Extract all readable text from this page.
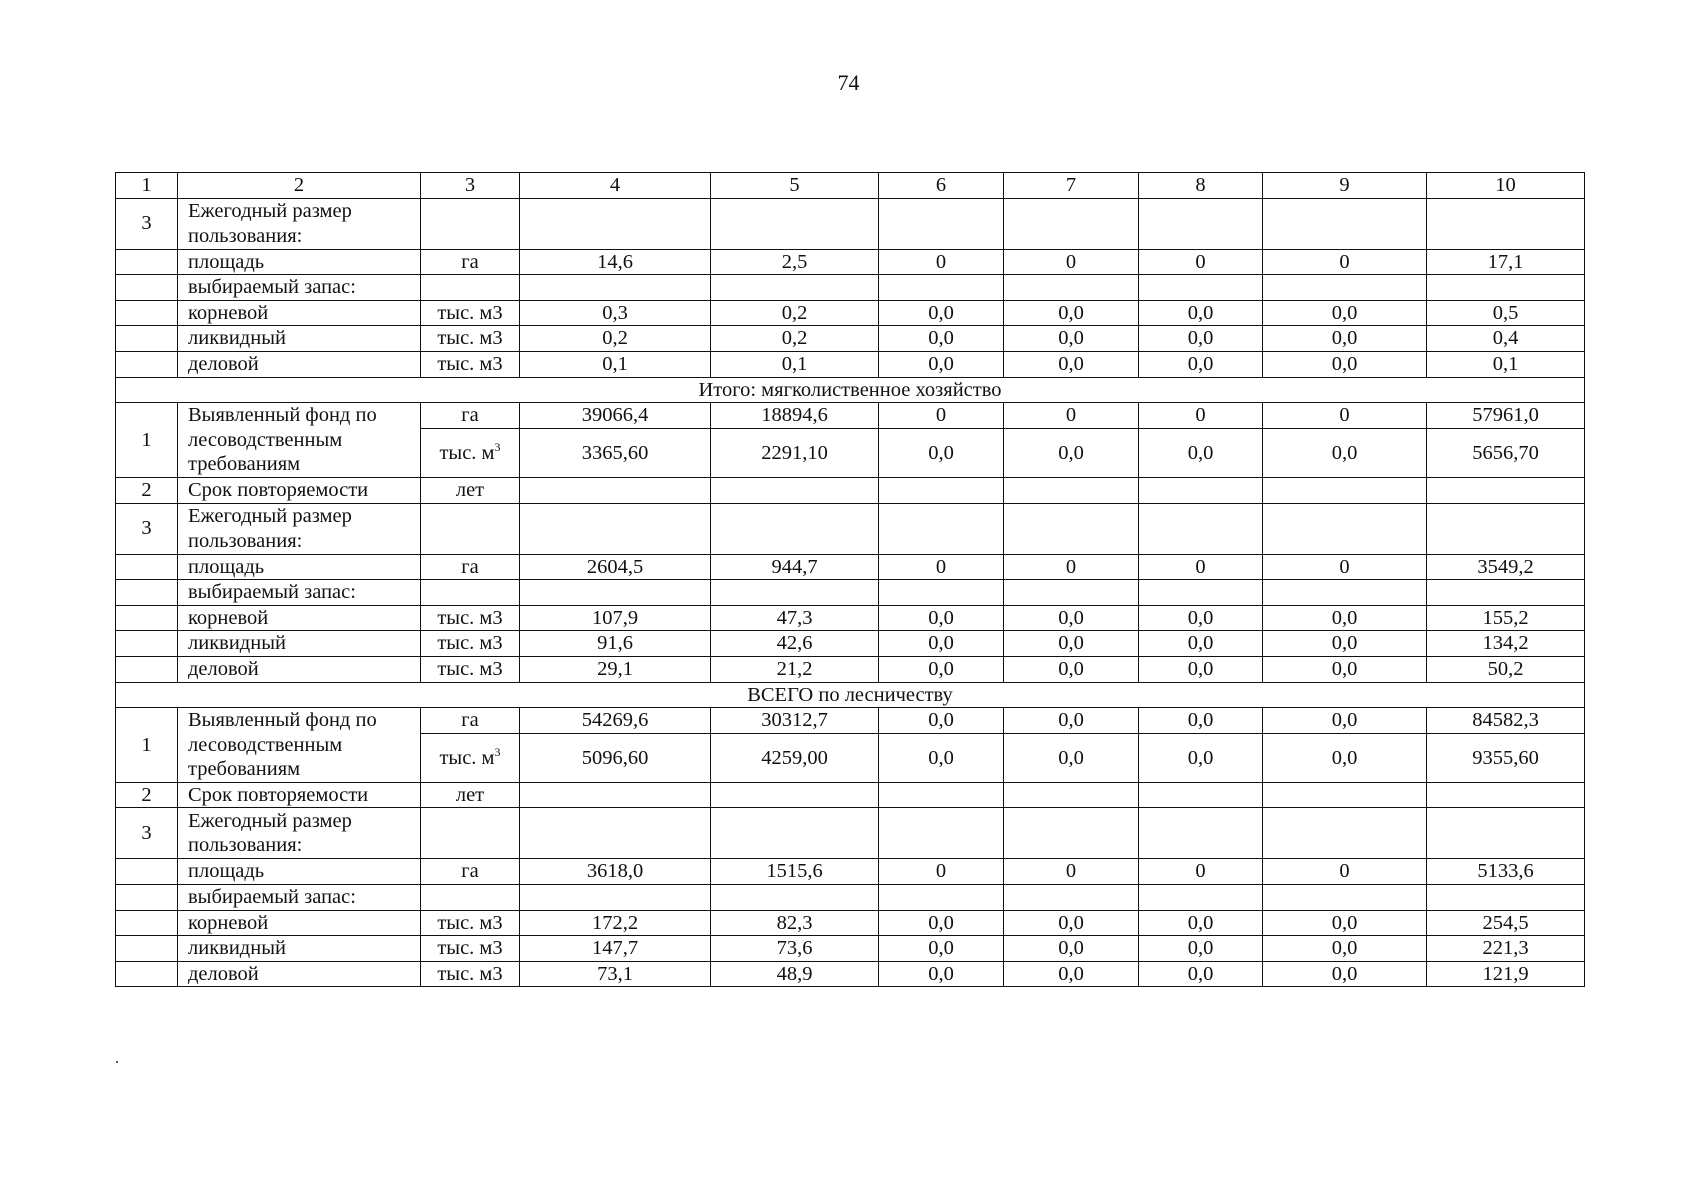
74
1	2	3	4	5	6	7	8	9	10
3	Ежегодный размер пользования:								
	площадь	га	14,6	2,5	0	0	0	0	17,1
	выбираемый запас:								
	корневой	тыс. м3	0,3	0,2	0,0	0,0	0,0	0,0	0,5
	ликвидный	тыс. м3	0,2	0,2	0,0	0,0	0,0	0,0	0,4
	деловой	тыс. м3	0,1	0,1	0,0	0,0	0,0	0,0	0,1
Итого: мягколиственное хозяйство									
1	Выявленный фонд по лесоводственным требованиям	га	39066,4	18894,6	0	0	0	0	57961,0
		тыс. $м^3$	3365,60	2291,10	0,0	0,0	0,0	0,0	5656,70
2	Срок повторяемости	лет							
3	Ежегодный размер пользования:								
	площадь	га	2604,5	944,7	0	0	0	0	3549,2
	выбираемый запас:								
	корневой	тыс. м3	107,9	47,3	0,0	0,0	0,0	0,0	155,2
	ликвидный	тыс. м3	91,6	42,6	0,0	0,0	0,0	0,0	134,2
	деловой	тыс. м3	29,1	21,2	0,0	0,0	0,0	0,0	50,2
ВСЕГО по лесничеству									
1	Выявленный фонд по лесоводственным требованиям	га	54269,6	30312,7	0,0	0,0	0,0	0,0	84582,3
		тыс. $м^3$	5096,60	4259,00	0,0	0,0	0,0	0,0	9355,60
2	Срок повторяемости	лет							
3	Ежегодный размер пользования:								
	площадь	га	3618,0	1515,6	0	0	0	0	5133,6
	выбираемый запас:								
	корневой	тыс. м3	172,2	82,3	0,0	0,0	0,0	0,0	254,5
	ликвидный	тыс. м3	147,7	73,6	0,0	0,0	0,0	0,0	221,3
	деловой	тыс. м3	73,1	48,9	0,0	0,0	0,0	0,0	121,9
.
